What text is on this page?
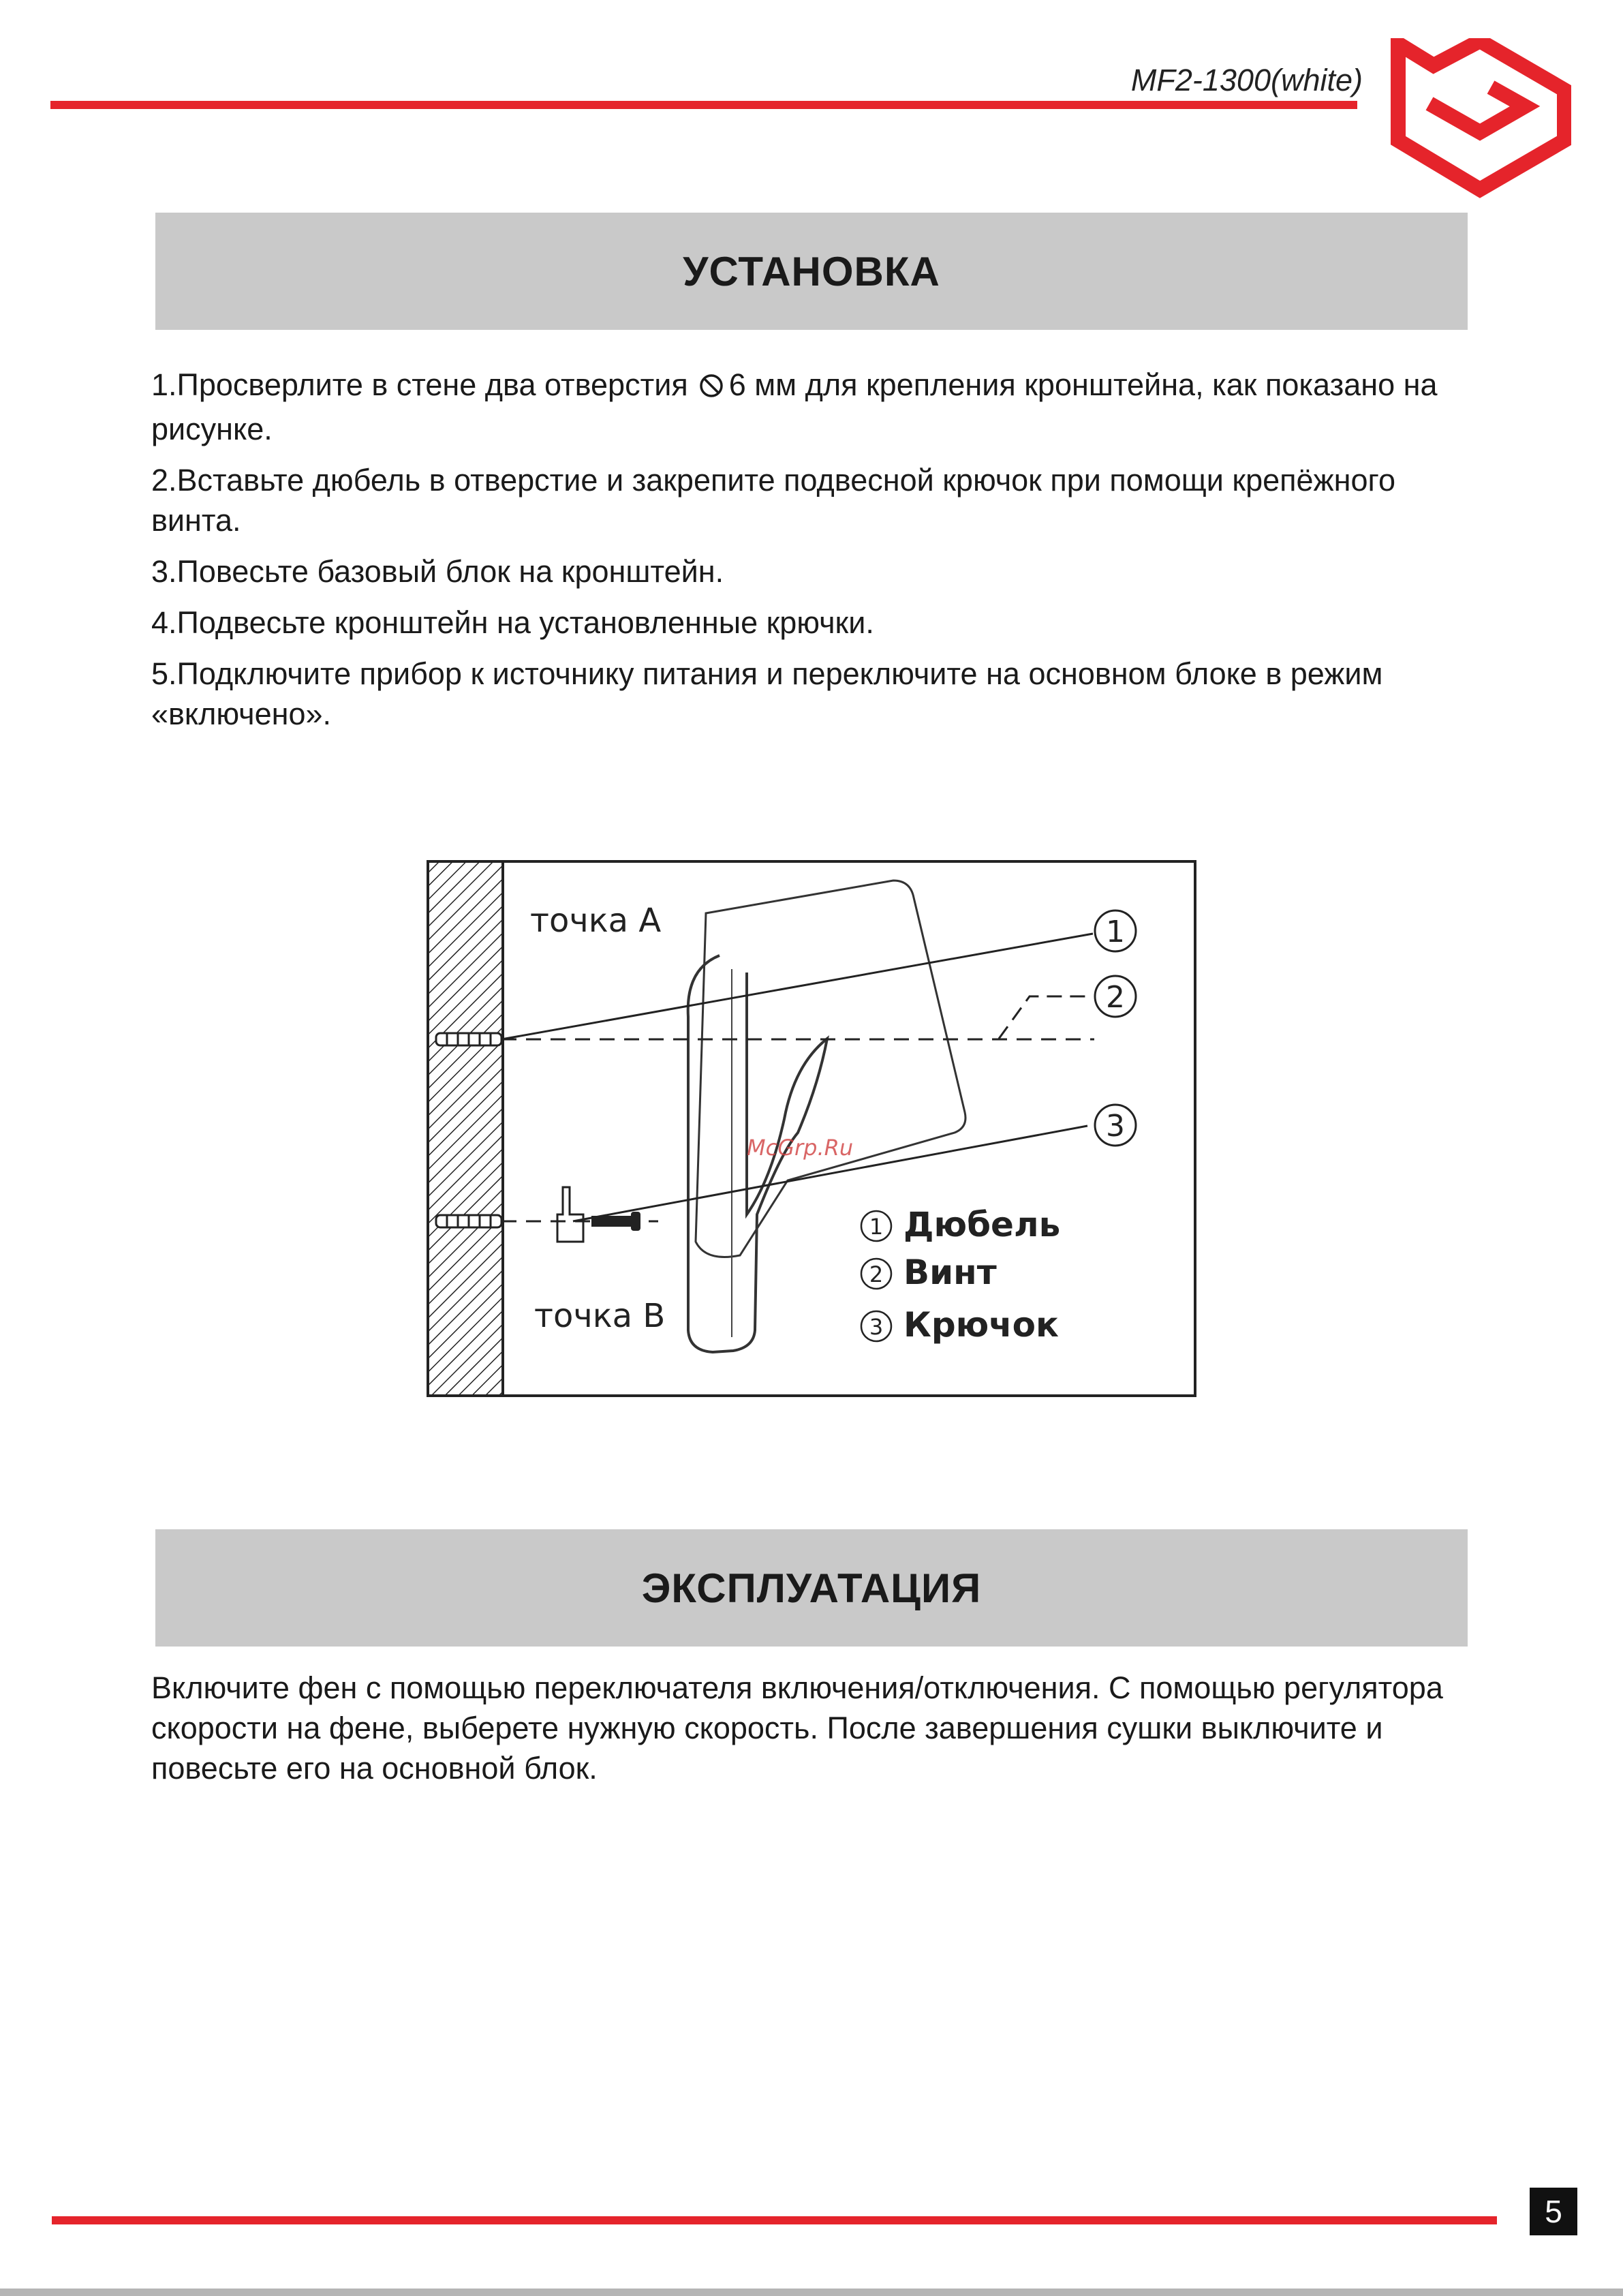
MF2-1300(white)
УСТАНОВКА

1.Просверлите в стене два отверстия 6 мм для крепления кронштейна, как показано на рисунке.

2.Вставьте дюбель в отверстие и закрепите подвесной крючок при помощи крепёжного винта.

3.Повесьте базовый блок на кронштейн.

4.Подвесьте кронштейн на установленные крючки.

5.Подключите прибор к источнику питания и переключите на основном блоке в режим «включено».

точка А
точка В
1
2
3
McGrp.Ru
1 Дюбель
2 Винт
3 Крючок
ЭКСПЛУАТАЦИЯ

Включите фен с помощью переключателя включения/отключения. С помощью регулятора скорости на фене, выберете нужную скорость. После завершения сушки выключите и повесьте его на основной блок.

5
